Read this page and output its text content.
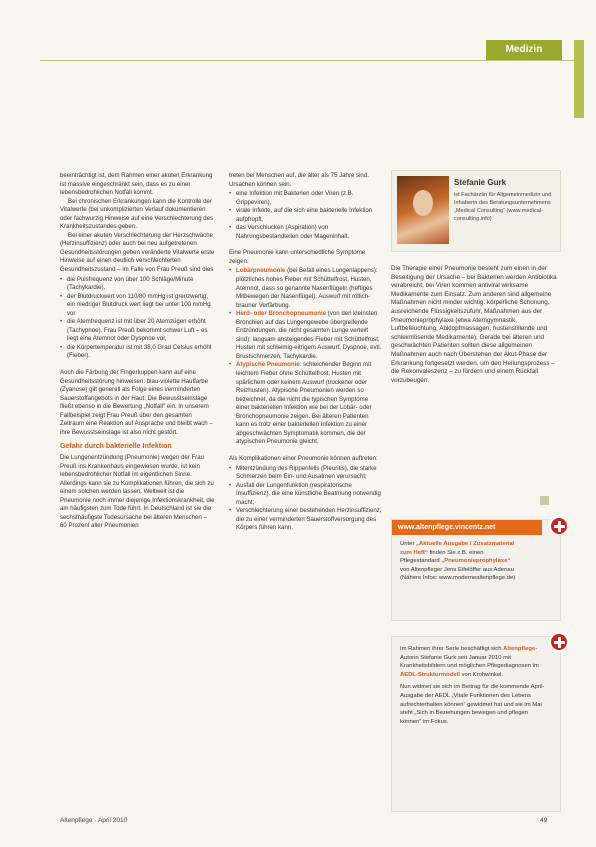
Medizin

beeinträchtigt ist, dem Rahmen einer akuten Erkrankung ist massive eingeschränkt sein, dass es zu einer lebensbedrohlichen Notfall kommt.

Bei chronischen Erkrankungen kann die Kontrolle der Vitalwerte (bei unkomplizierten Verlauf dokumentieren oder fachwurzig Hinweise auf eine Verschlechterung des Krankheitszustandes geben.

Bei einer akuten Verschlechterung der Herzschwäche (Herzinsuffizienz) oder auch bei neu aufgetretenen Gesundheitsstörungen geben veränderte Vitalwerte erste Hinweise auf einen deutlich verschlechterten Gesundheitszustand – im Falle von Frau Preuß sind dies

• die Pulsfrequenz von über 100 Schläge/Minute (Tachykardie),
• der Blutdruckwert von 110/80 mmHg ist grenzwertig, ein niedriger Blutdruck wert liegt bei unter 100 mmHg vor
• die Atemfrequenz ist mit über 20 Atemzügen erhöht (Tachypnoe). Frau Preuß bekommt schwer Luft – es liegt eine Atemnot oder Dyspnoe vor,
• die Körpertemperatur ist mit 38,0 Grad Celsius erhöht (Fieber).

Auch die Färbung der Fingerkuppen kann auf eine Gesundheitsstörung hinweisen: blau-violette Hautfarbe (Zyanose) gilt generell als Folge eines verminderten Sauerstoffangebots in der Haut. Die Bewusstseinslage fließt ebenso in die Bewertung „Notfall" ein. In unserem Fallbeispiel zeigt Frau Preuß über den gesamten Zeitraum eine Reaktion auf Ansprache und bleibt wach – ihre Bewusstseinslage ist also nicht gestört.

Gefahr durch bakterielle Infektion

Die Lungenentzündung (Pneumonie) wegen der Frau Preuß ins Krankenhaus eingewiesen wurde, ist kein lebensbedrohlicher Notfall im eigentlichen Sinne. Allerdings kann sie zu Komplikationen führen, die sich zu einem solchen werden lassen. Weltweit ist die Pneumonie noch immer diejenige Infektionskrankheit, die am häufigsten zum Tode führt. In Deutschland ist sie die sechsthäufigste Todesursache bei älteren Menschen – 60 Prozent aller Pneumonien

treten bei Menschen auf, die älter als 75 Jahre sind. Ursachen können sein:

• eine Infektion mit Bakterien oder Viren (z.B. Grippeviren),
• virale Infekte, auf die sich eine bakterielle Infektion aufpfropft,
• das Verschlucken (Aspiration) von Nahrungsbestandteilen oder Mageninhalt.

Eine Pneumonie kann unterschiedliche Symptome zeigen:

• Lobärpneumonie (bei Befall eines Lungenlappens): plötzliches hohes Fieber mit Schüttelfrost, Husten, Atemnot, dass so genannte Nasenflügeln (heftiges Mitbewegen der Nasenflügel), Auswurf mit rötlich-brauner Verfärbung.
• Herd- oder Bronchopneumonie (von den kleinsten Bronchien auf das Lungengewebe übergreifende Entzündungen, die nicht gesamten Lunge verteilt sind): langsam ansteigendes Fieber mit Schüttelfrost, Husten mit schleimig-eitrigem Auswurf, Dyspnoe, evtl. Brustschmerzen, Tachykardie.
• Atypische Pneumonie: schleichender Beginn mit leichtem Fieber ohne Schüttelfrost, Husten mit spärlichem oder keinem Auswurf (trockener oder Reizhusten). Atypische Pneumonien werden so bezeichnet, da die nicht die typischen Symptome einer bakteriellen Infektion wie bei der Lobär- oder Bronchopneumonie zeigen. Bei älteren Patienten kann es trotz einer bakteriellen Infektion zu einer abgeschwächten Symptomatik kommen, die der atypischen Pneumonie gleicht.

Als Komplikationen einer Pneumonie können auftreten:

• Mitentzündung des Rippenfells (Pleuritis), die starke Schmerzen beim Ein- und Ausatmen verursacht;
• Ausfall der Lungenfunktion (respiratorische Insuffizienz), die eine künstliche Beatmung notwendig macht;
• Verschlechterung einer bestehenden Herzinsuffizienz, die zu einer verminderten Sauerstoffversorgung des Körpers führen kann.
Stefanie Gurk
ist Fachärztin für Allgemeinmedizin und Inhaberin des Beratungsunternehmens „Medical Consulting“ (www.medical-consulting.info)

Die Therapie einer Pneumonie besteht zum einen in der Beseitigung der Ursache – bei Bakterien werden Antibiotika verabreicht, bei Viren kommen antiviral wirksame Medikamente zum Einsatz. Zum anderen sind allgemeine Maßnahmen nicht minder wichtig: körperliche Schonung, ausreichende Flüssigkeitszufuhr, Maßnahmen aus der Pneumonieprophylaxe (etwa Atemgymnastik, Luftbefeuchtung, Abklopfmassagen, hustenstillende und schleimlösende Medikamente). Gerade bei älteren und geschwächten Patienten sollten diese allgemeinen Maßnahmen auch nach Überstehen der Akut-Phase der Erkrankung fortgesetzt werden, um den Heilungsprozess – die Rekonvaleszenz – zu fördern und einem Rückfall vorzubeugen.

www.altenpflege.vincentz.net
Unter „Aktuelle Ausgabe / Zusatzmaterial zum Heft“ finden Sie z.B. einen Pflegestandard „Pneumonieprophylaxe“ von Altenpfleger Jens Eifelöffer aus Adenau (Nähere Infos: www.modernealtenpflege.de)
Im Rahmen ihrer Serie beschäftigt sich Altenpflege-Autorin Stefanie Gurk seit Januar 2010 mit Krankheitsbildern und möglichen Pflegediagnosen im AEDL-Strukturmodell von Krohwinkel.
Nun widmet sie sich im Beitrag für die kommende April-Ausgabe der AEDL „Vitale Funktionen des Lebens aufrechterhalten können“ gewidmet hat und sie im Mai steht „Sich in Beziehungen bewegen und pflegen können“ im Fokus.
Altenpflege · April 2010	49
